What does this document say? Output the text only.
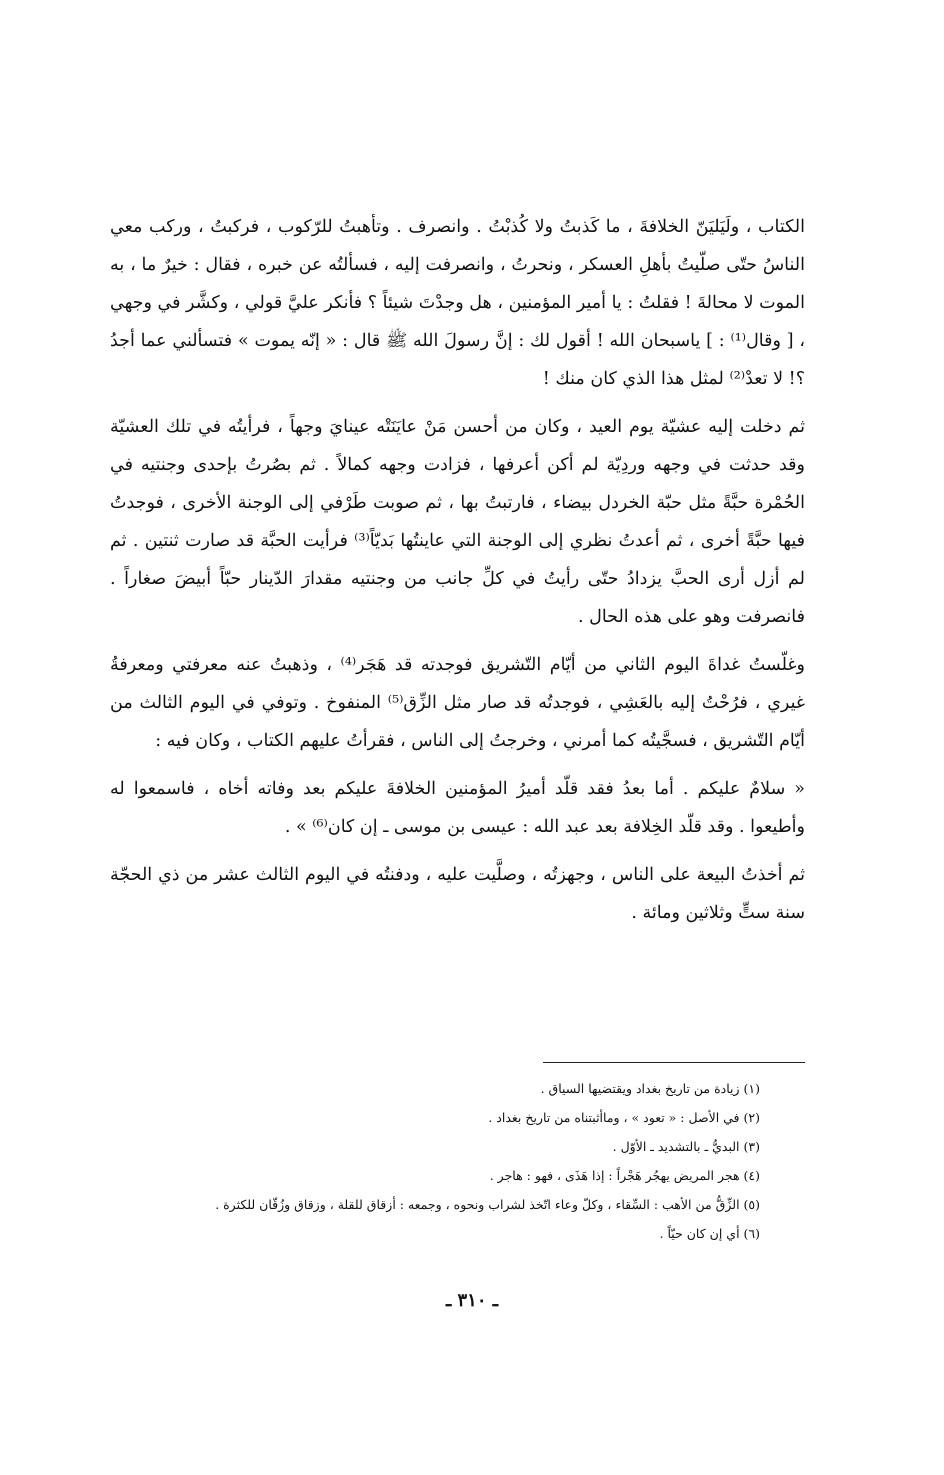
الكتاب ، ولَيَليَنّ الخلافةَ ، ما كَذبتُ ولا كُذبْتُ . وانصرف . وتأهبتُ للرّكوب ، فركبتُ ، وركب معي الناسُ حتّى صلّيتُ بأهلِ العسكر ، ونحرتُ ، وانصرفت إليه ، فسألتُه عن خبره ، فقال : خيرٌ ما ، به الموت لا محالةَ ! فقلتُ : يا أمير المؤمنين ، هل وجدْتَ شيئاً ؟ فأنكر عليَّ قولي ، وكشَّر في وجهي ، [ وقال⁽¹⁾ : ] ياسبحان الله ! أقول لك : إنَّ رسولَ الله ﷺ قال : « إنّه يموت » فتسألني عما أجدُ ؟! لا تعدْ⁽²⁾ لمثل هذا الذي كان منك !

ثم دخلت إليه عشيّة يوم العيد ، وكان من أحسن مَنْ عايَنَتْه عينايَ وجهاً ، فرأيتُه في تلك العشيّة وقد حدثت في وجهه وردِيّة لم أكن أعرفها ، فزادت وجهه كمالاً . ثم بصُرتُ بإحدى وجنتيه في الحُمْرة حبَّةً مثل حبّة الخردل بيضاء ، فارتبتُ بها ، ثم صوبت طَرْفي إلى الوجنة الأخرى ، فوجدتُ فيها حبَّةً أخرى ، ثم أعدتُ نظري إلى الوجنة التي عاينتُها بَديّاً⁽³⁾ فرأيت الحبَّة قد صارت ثنتين . ثم لم أزل أرى الحبَّ يزدادُ حتّى رأيتُ في كلِّ جانب من وجنتيه مقدارَ الدّينار حبّاً أبيضَ صغاراً . فانصرفت وهو على هذه الحال .

وغلّستُ غداةَ اليوم الثاني من أيّام التّشريق فوجدته قد هَجَر⁽⁴⁾ ، وذهبتُ عنه معرفتي ومعرفةُ غيري ، فرُحْتُ إليه بالعَشِي ، فوجدتُه قد صار مثل الزِّق⁽⁵⁾ المنفوخ . وتوفي في اليوم الثالث من أيّام التّشريق ، فسجَّيتُه كما أمرني ، وخرجتُ إلى الناس ، فقرأتُ عليهم الكتاب ، وكان فيه :

« سلامٌ عليكم . أما بعدُ فقد قلّد أميرُ المؤمنين الخلافةَ عليكم بعد وفاته أخاه ، فاسمعوا له وأطيعوا . وقد قلّد الخِلافة بعد عبد الله : عيسى بن موسى ـ إن كان⁽⁶⁾ » .

ثم أخذتُ البيعة على الناس ، وجهزتُه ، وصلَّيت عليه ، ودفنتُه في اليوم الثالث عشر من ذي الحجّة سنة ستٍّ وثلاثين ومائة .

(١) زيادة من تاريخ بغداد ويقتضيها السياق .
(٢) في الأصل : « تعود » ، وماأثبتناه من تاريخ بغداد .
(٣) البديُّ ـ بالتشديد ـ الأوّل .
(٤) هجر المريض يهجُر هَجْراً : إذا هَذَى ، فهو : هاجر .
(٥) الزِّقُّ من الأهب : السِّقاء ، وكلّ وعاء اتّخذ لشراب ونحوه ، وجمعه : أزقاق للقلة ، وزقاق وزُقّان للكثرة .
(٦) أي إن كان حيّاً .
ـ ٣١٠ ـ
